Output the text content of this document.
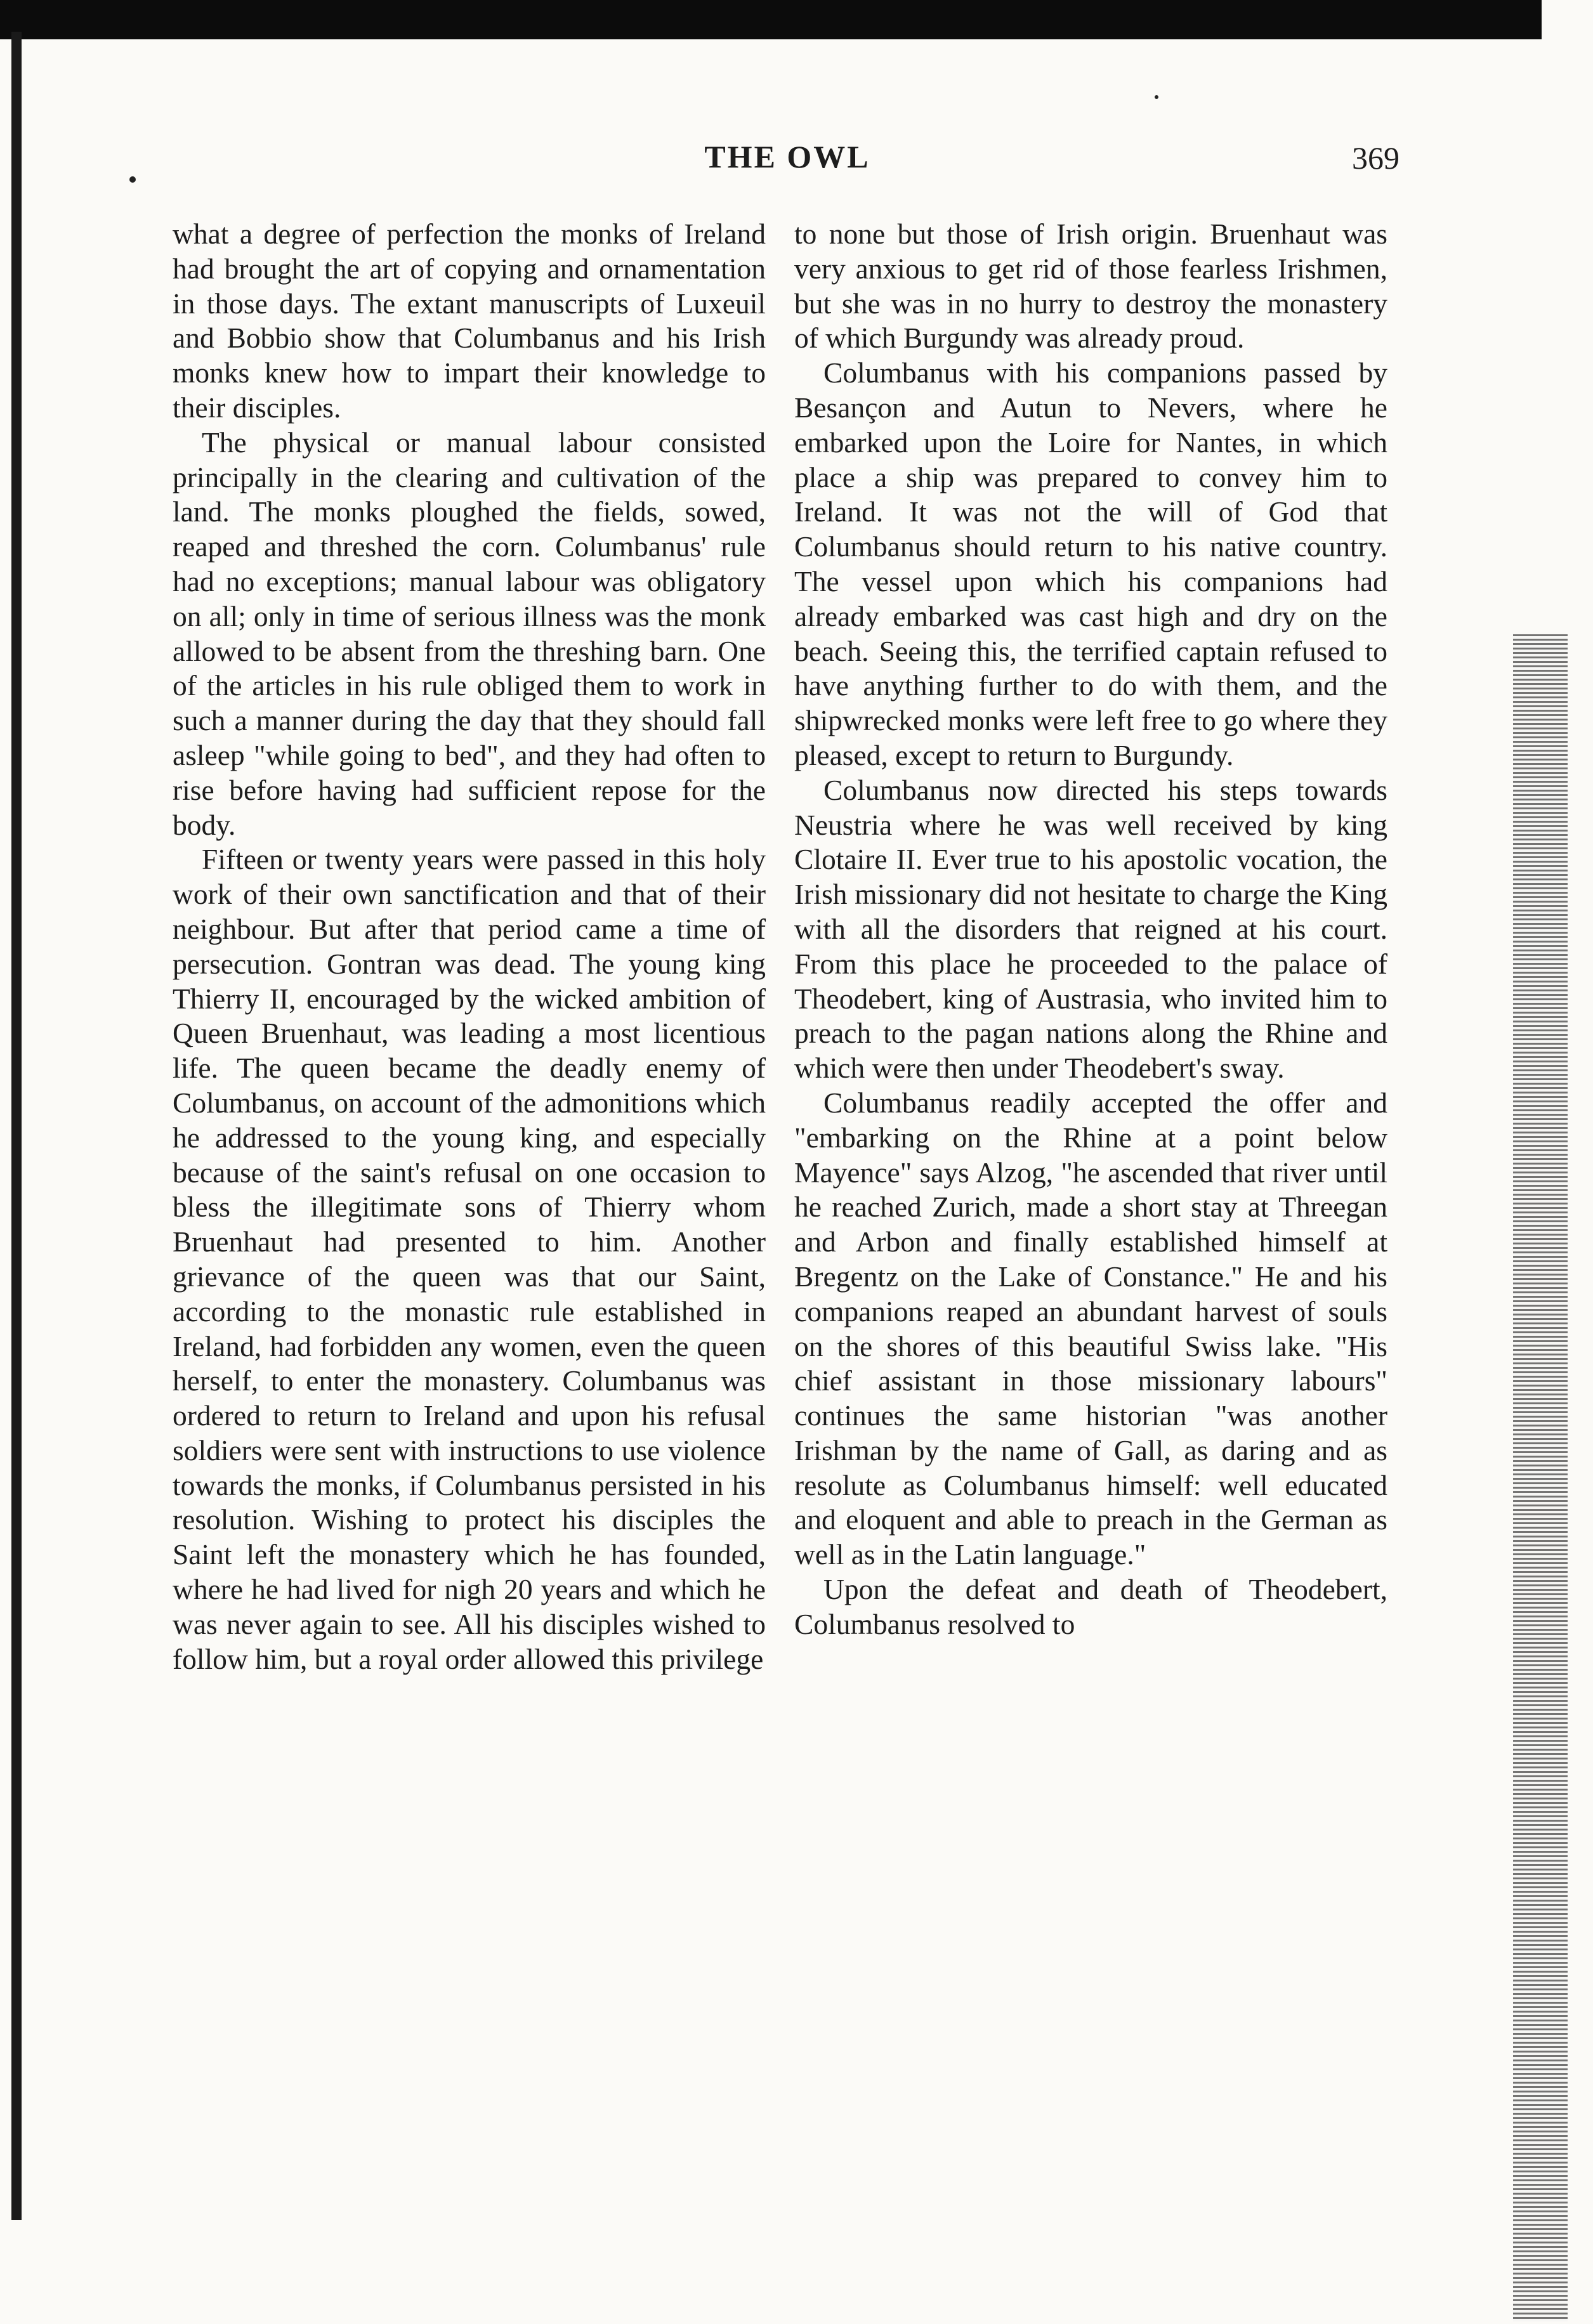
THE OWL	369

what a degree of perfection the monks of Ireland had brought the art of copying and ornamentation in those days. The extant manuscripts of Luxeuil and Bobbio show that Columbanus and his Irish monks knew how to impart their knowledge to their disciples.

The physical or manual labour consisted principally in the clearing and cultivation of the land. The monks ploughed the fields, sowed, reaped and threshed the corn. Columbanus' rule had no exceptions; manual labour was obligatory on all; only in time of serious illness was the monk allowed to be absent from the threshing barn. One of the articles in his rule obliged them to work in such a manner during the day that they should fall asleep "while going to bed", and they had often to rise before having had sufficient repose for the body.

Fifteen or twenty years were passed in this holy work of their own sanctification and that of their neighbour. But after that period came a time of persecution. Gontran was dead. The young king Thierry II, encouraged by the wicked ambition of Queen Bruenhaut, was leading a most licentious life. The queen became the deadly enemy of Columbanus, on account of the admonitions which he addressed to the young king, and especially because of the saint's refusal on one occasion to bless the illegitimate sons of Thierry whom Bruenhaut had presented to him. Another grievance of the queen was that our Saint, according to the monastic rule established in Ireland, had forbidden any women, even the queen herself, to enter the monastery. Columbanus was ordered to return to Ireland and upon his refusal soldiers were sent with instructions to use violence towards the monks, if Columbanus persisted in his resolution. Wishing to protect his disciples the Saint left the monastery which he has founded, where he had lived for nigh 20 years and which he was never again to see. All his disciples wished to follow him, but a royal order allowed this privilege

to none but those of Irish origin. Bruenhaut was very anxious to get rid of those fearless Irishmen, but she was in no hurry to destroy the monastery of which Burgundy was already proud.

Columbanus with his companions passed by Besançon and Autun to Nevers, where he embarked upon the Loire for Nantes, in which place a ship was prepared to convey him to Ireland. It was not the will of God that Columbanus should return to his native country. The vessel upon which his companions had already embarked was cast high and dry on the beach. Seeing this, the terrified captain refused to have anything further to do with them, and the shipwrecked monks were left free to go where they pleased, except to return to Burgundy.

Columbanus now directed his steps towards Neustria where he was well received by king Clotaire II. Ever true to his apostolic vocation, the Irish missionary did not hesitate to charge the King with all the disorders that reigned at his court. From this place he proceeded to the palace of Theodebert, king of Austrasia, who invited him to preach to the pagan nations along the Rhine and which were then under Theodebert's sway.

Columbanus readily accepted the offer and "embarking on the Rhine at a point below Mayence" says Alzog, "he ascended that river until he reached Zurich, made a short stay at Threegan and Arbon and finally established himself at Bregentz on the Lake of Constance." He and his companions reaped an abundant harvest of souls on the shores of this beautiful Swiss lake. "His chief assistant in those missionary labours" continues the same historian "was another Irishman by the name of Gall, as daring and as resolute as Columbanus himself: well educated and eloquent and able to preach in the German as well as in the Latin language."

Upon the defeat and death of Theodebert, Columbanus resolved to
